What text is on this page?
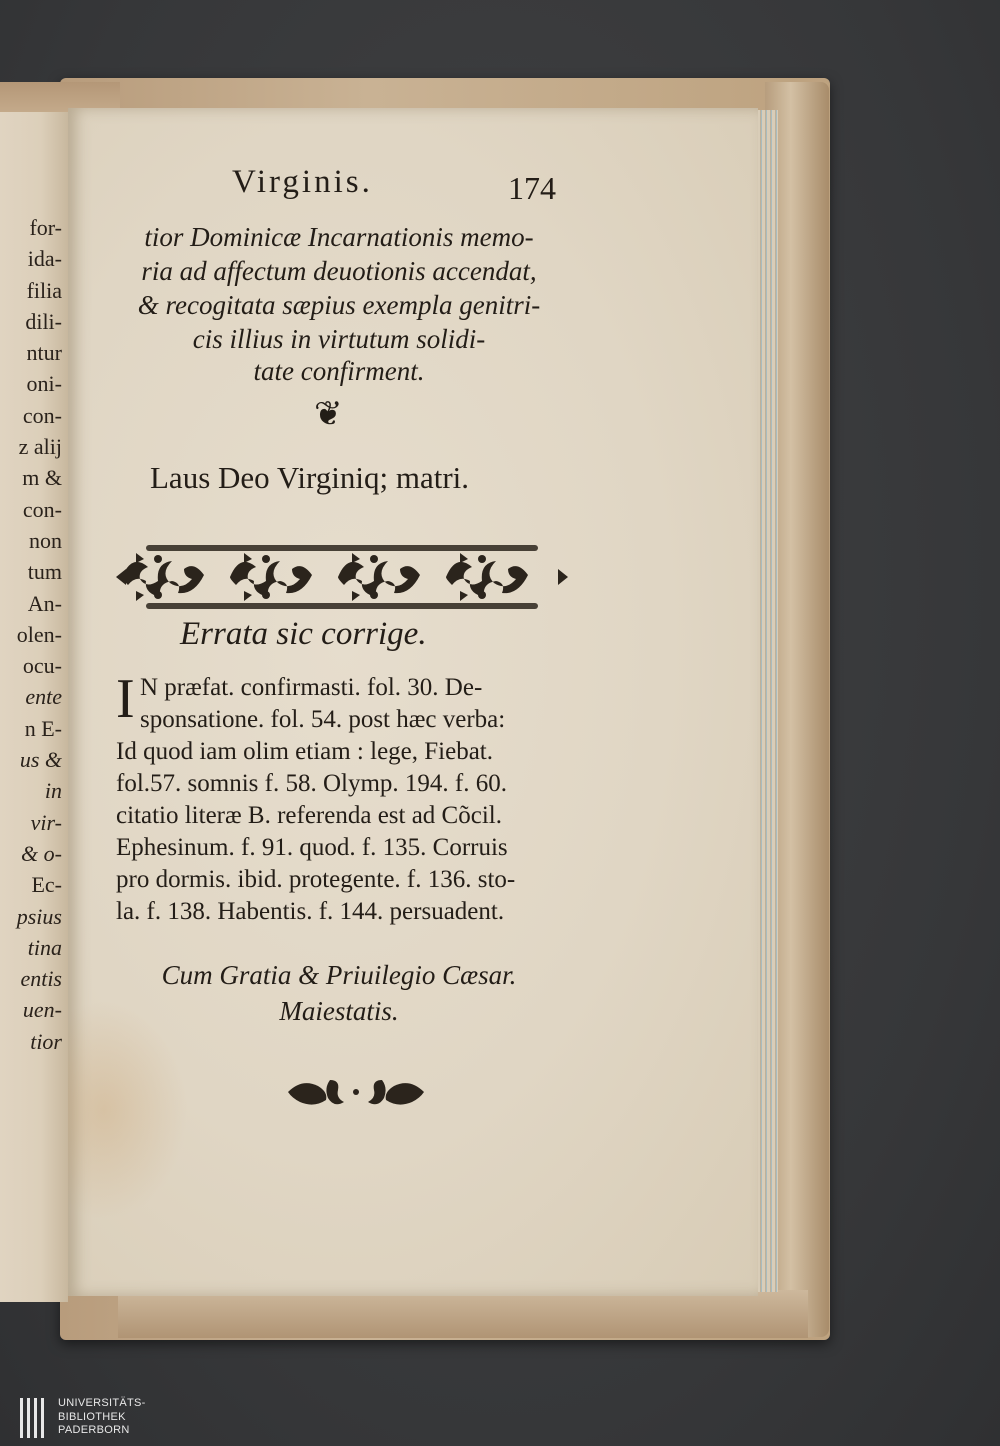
for-
ida-
filia
dili-
ntur
oni-
con-
z alij
m &
con-
non
tum
An-
olen-
ocu-
ente
n E-
us &
in
vir-
& o-
Ec-
psius
tina
entis
uen-
tior
Virginis.	174
tior Dominicæ Incarnationis memo-
ria ad affectum deuotionis accendat,
& recogitata sæpius exempla genitri-
cis illius in virtutum solidi-
tate confirment.
❦
Laus Deo Virginiq; matri.
Errata sic corrige.
I N præfat. confirmasti. fol. 30. De-
sponsatione. fol. 54. post hæc verba:
Id quod iam olim etiam : lege, Fiebat.
fol.57. somnis f. 58. Olymp. 194. f. 60.
citatio literæ B. referenda est ad Cõcil.
Ephesinum. f. 91. quod. f. 135. Corruis
pro dormis. ibid. protegente. f. 136. sto-
la. f. 138. Habentis. f. 144. persuadent.
Cum Gratia & Priuilegio Cæsar.
Maiestatis.
UNIVERSITÄTS-
BIBLIOTHEK
PADERBORN
